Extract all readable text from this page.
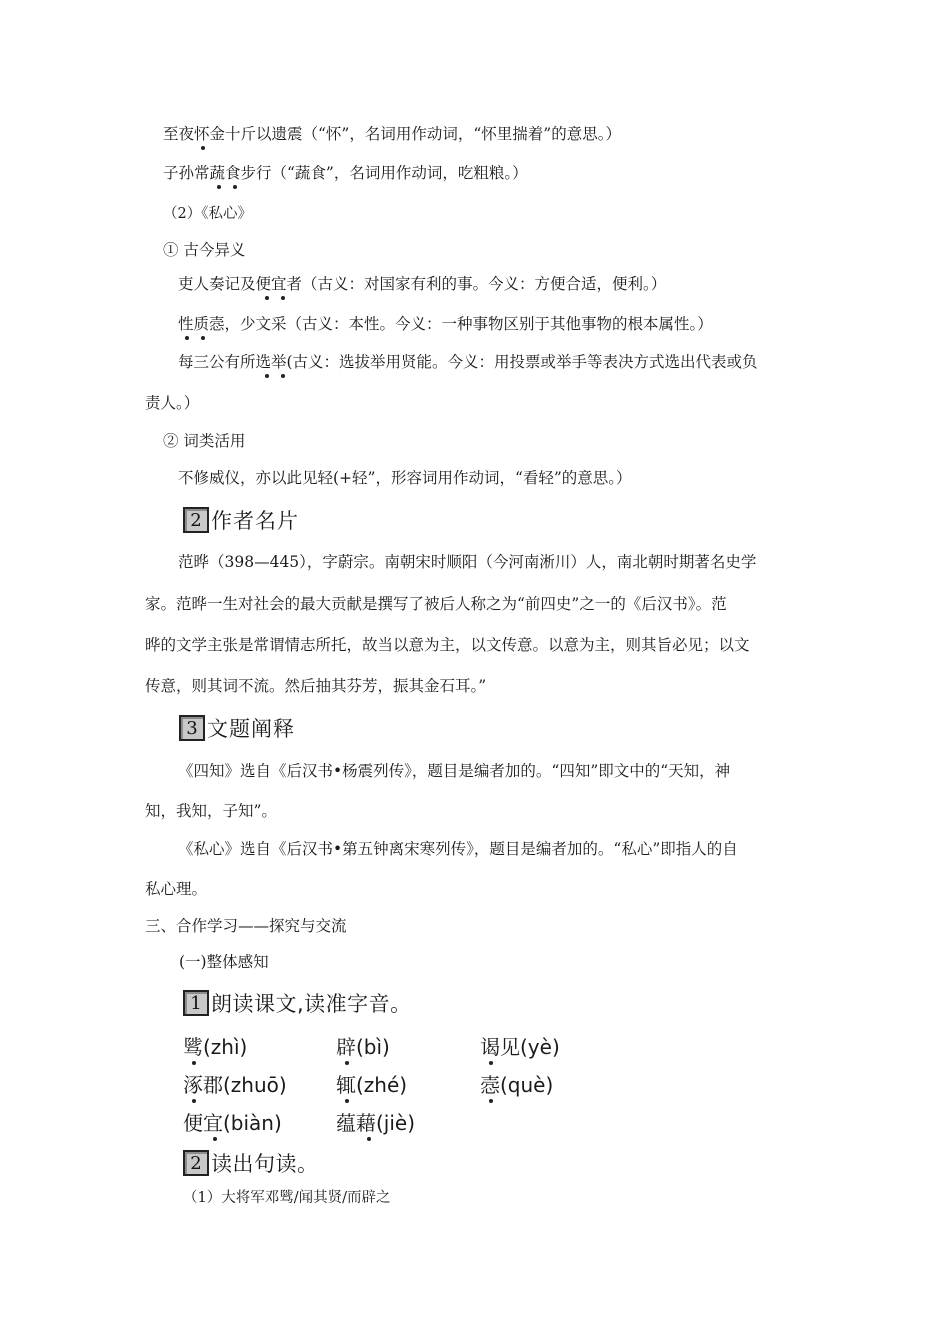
至夜怀金十斤以遗震（“怀”，名词用作动词，“怀里揣着”的意思。）
子孙常蔬食步行（“蔬食”，名词用作动词，吃粗粮。）
（2）《私心》
① 古今异义
吏人奏记及便宜者（古义：对国家有利的事。今义：方便合适，便利。）
性质悫，少文采（古义：本性。今义：一种事物区别于其他事物的根本属性。）
每三公有所选举(古义：选拔举用贤能。今义：用投票或举手等表决方式选出代表或负
责人。）
② 词类活用
不修威仪，亦以此见轻(+轻”，形容词用作动词，“看轻”的意思。）
2 作者名片
范晔（398—445），字蔚宗。南朝宋时顺阳（今河南淅川）人，南北朝时期著名史学
家。范晔一生对社会的最大贡献是撰写了被后人称之为“前四史”之一的《后汉书》。范
晔的文学主张是常谓情志所托，故当以意为主，以文传意。以意为主，则其旨必见；以文
传意，则其词不流。然后抽其芬芳，振其金石耳。”
3 文题阐释
《四知》选自《后汉书•杨震列传》，题目是编者加的。“四知”即文中的“天知，神
知，我知，子知”。
《私心》选自《后汉书•第五钟离宋寒列传》，题目是编者加的。“私心”即指人的自
私心理。
三、合作学习——探究与交流
(一)整体感知
1 朗读课文,读准字音。
骘(zhì)	辟(bì)	谒见(yè)
涿郡(zhuō) 辄(zhé)	悫(què)
便宜(biàn)	蕴藉(jiè)
2 读出句读。
（1）大将军邓骘/闻其贤/而辟之
